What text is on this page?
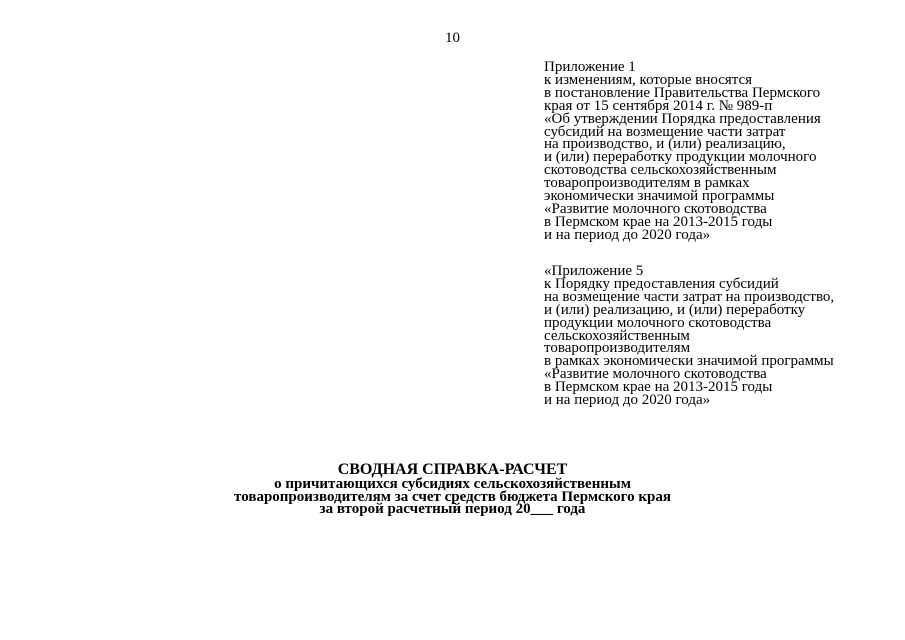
10
Приложение 1
к изменениям, которые вносятся
в постановление Правительства Пермского
края от 15 сентября 2014 г. № 989-п
«Об утверждении Порядка предоставления
субсидий на возмещение части затрат
на производство, и (или) реализацию,
и (или) переработку продукции молочного
скотоводства сельскохозяйственным
товаропроизводителям в рамках
экономически значимой программы
«Развитие молочного скотоводства
в Пермском крае на 2013-2015 годы
и на период до 2020 года»
«Приложение 5
к Порядку предоставления субсидий
на возмещение части затрат на производство,
и (или) реализацию, и (или) переработку
продукции молочного скотоводства
сельскохозяйственным
товаропроизводителям
в рамках экономически значимой программы
«Развитие молочного скотоводства
в Пермском крае на 2013-2015 годы
и на период до 2020 года»
СВОДНАЯ СПРАВКА-РАСЧЕТ
о причитающихся субсидиях сельскохозяйственным
товаропроизводителям за счет средств бюджета Пермского края
за второй расчетный период 20___ года
